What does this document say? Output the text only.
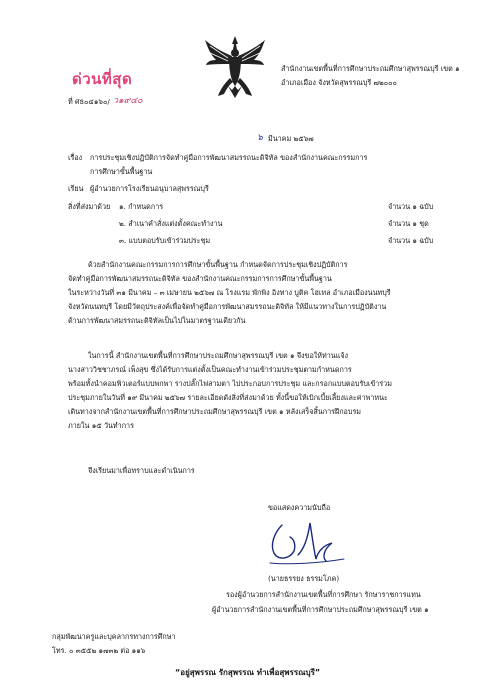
ด่วนที่สุด
ที่ ศธ ๐๔๑๖๐/ ว๑๙๔๐
สำนักงานเขตพื้นที่การศึกษาประถมศึกษาสุพรรณบุรี เขต ๑
อำเภอเมือง จังหวัดสุพรรณบุรี ๗๒๐๐๐
๖ มีนาคม ๒๕๖๗
เรื่อง การประชุมเชิงปฏิบัติการจัดทำคู่มือการพัฒนาสมรรถนะดิจิทัล ของสำนักงานคณะกรรมการ
การศึกษาขั้นพื้นฐาน
เรียน ผู้อำนวยการโรงเรียนอนุบาลสุพรรณบุรี
สิ่งที่ส่งมาด้วย ๑. กำหนดการ	จำนวน ๑ ฉบับ
๒. สำเนาคำสั่งแต่งตั้งคณะทำงาน	จำนวน ๑ ชุด
๓. แบบตอบรับเข้าร่วมประชุม	จำนวน ๑ ฉบับ
ด้วยสำนักงานคณะกรรมการการศึกษาขั้นพื้นฐาน กำหนดจัดการประชุมเชิงปฏิบัติการ
จัดทำคู่มือการพัฒนาสมรรถนะดิจิทัล ของสำนักงานคณะกรรมการการศึกษาขั้นพื้นฐาน
ในระหว่างวันที่ ๓๑ มีนาคม – ๓ เมษายน ๒๕๖๗ ณ โรงแรม พักพิง อิงทาง บูติค โฮเทล อำเภอเมืองนนทบุรี
จังหวัดนนทบุรี โดยมีวัตถุประสงค์เพื่อจัดทำคู่มือการพัฒนาสมรรถนะดิจิทัล ให้มีแนวทางในการปฏิบัติงาน
ด้านการพัฒนาสมรรถนะดิจิทัลเป็นไปในมาตรฐานเดียวกัน
ในการนี้ สำนักงานเขตพื้นที่การศึกษาประถมศึกษาสุพรรณบุรี เขต ๑ จึงขอให้ท่านแจ้ง
นางสาววิชชาภรณ์ เพ็งสุข ซึ่งได้รับการแต่งตั้งเป็นคณะทำงานเข้าร่วมประชุมตามกำหนดการ
พร้อมทั้งนำคอมพิวเตอร์แบบพกพา รางปลั๊กไฟสามตา ไปประกอบการประชุม และกรอกแบบตอบรับเข้าร่วม
ประชุมภายในวันที่ ๑๙ มีนาคม ๒๕๖๗ รายละเอียดดังสิ่งที่ส่งมาด้วย ทั้งนี้ขอให้เบิกเบี้ยเลี้ยงและค่าพาหนะ
เดินทางจากสำนักงานเขตพื้นที่การศึกษาประถมศึกษาสุพรรณบุรี เขต ๑ หลังเสร็จสิ้นการฝึกอบรม
ภายใน ๑๕ วันทำการ
จึงเรียนมาเพื่อทราบและดำเนินการ
ขอแสดงความนับถือ
(นายธรรยง ธรรมโภค)
รองผู้อำนวยการสำนักงานเขตพื้นที่การศึกษา รักษาราชการแทน
ผู้อำนวยการสำนักงานเขตพื้นที่การศึกษาประถมศึกษาสุพรรณบุรี เขต ๑
กลุ่มพัฒนาครูและบุคลากรทางการศึกษา
โทร. ๐ ๓๕๕๒ ๑๗๓๒ ต่อ ๑๑๖
“อยู่สุพรรณ รักสุพรรณ ทำเพื่อสุพรรณบุรี”
